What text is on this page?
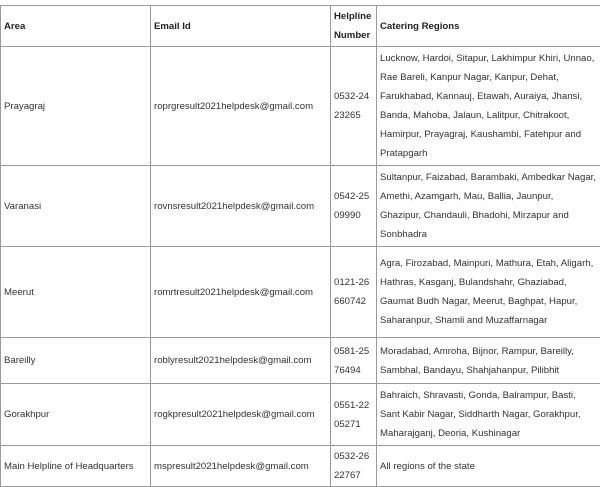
Area	Email Id	Helpline Number	Catering Regions
Prayagraj	roprgresult2021helpdesk@gmail.com	0532-2423265	Lucknow, Hardoi, Sitapur, Lakhimpur Khiri, Unnao, Rae Bareli, Kanpur Nagar, Kanpur, Dehat, Farukhabad, Kannauj, Etawah, Auraiya, Jhansi, Banda, Mahoba, Jalaun, Lalitpur, Chitrakoot, Hamirpur, Prayagraj, Kaushambi, Fatehpur and Pratapgarh
Varanasi	rovnsresult2021helpdesk@gmail.com	0542-2509990	Sultanpur, Faizabad, Barambaki, Ambedkar Nagar, Amethi, Azamgarh, Mau, Ballia, Jaunpur, Ghazipur, Chandauli, Bhadohi, Mirzapur and Sonbhadra
Meerut	romrtresult2021helpdesk@gmail.com	0121-26660742	Agra, Firozabad, Mainpuri, Mathura, Etah, Aligarh, Hathras, Kasganj, Bulandshahr, Ghaziabad, Gaumat Budh Nagar, Meerut, Baghpat, Hapur, Saharanpur, Shamli and Muzaffarnagar
Bareilly	roblyresult2021helpdesk@gmail.com	0581-2576494	Moradabad, Amroha, Bijnor, Rampur, Bareilly, Sambhal, Bandayu, Shahjahanpur, Pilibhit
Gorakhpur	rogkpresult2021helpdesk@gmail.com	0551-2205271	Bahraich, Shravasti, Gonda, Balrampur, Basti, Sant Kabir Nagar, Siddharth Nagar, Gorakhpur, Maharajganj, Deoria, Kushinagar
Main Helpline of Headquarters	mspresult2021helpdesk@gmail.com	0532-2622767	All regions of the state
